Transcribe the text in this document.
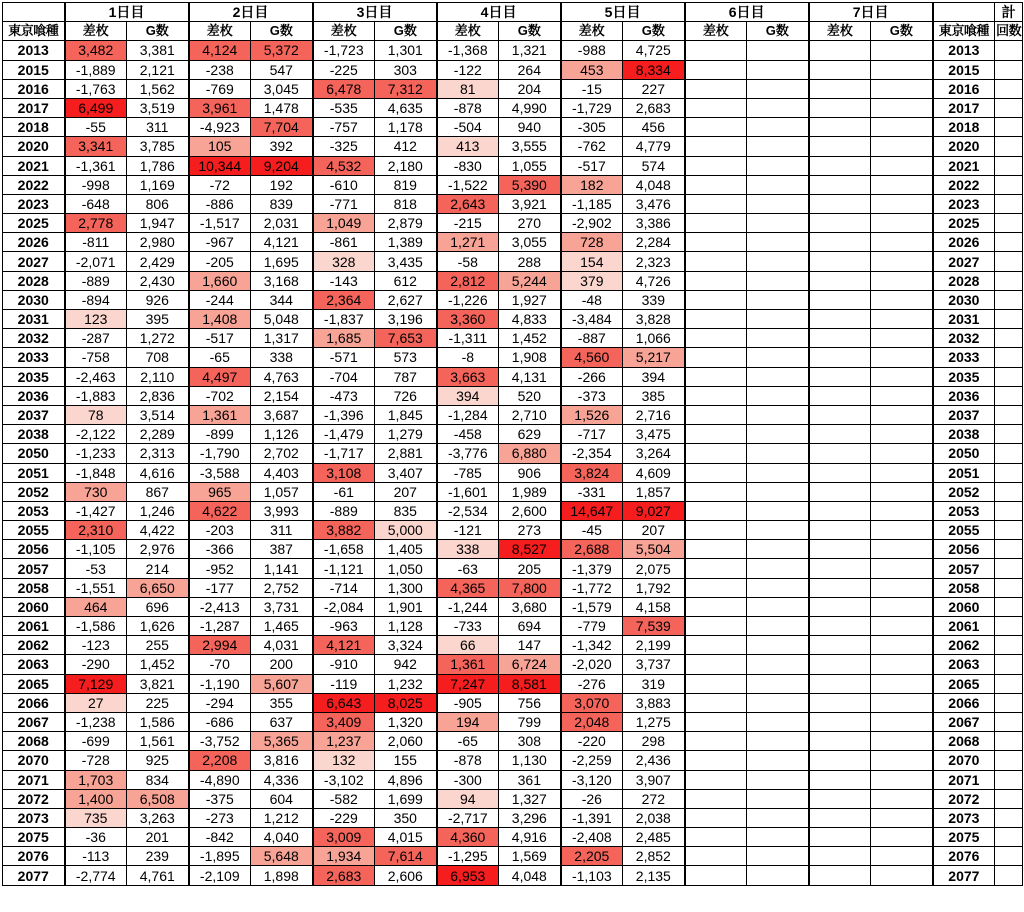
	1日目		2日目		3日目		4日目		5日目		6日目		7日目			計
東京喰種	差枚	G数	差枚	G数	差枚	G数	差枚	G数	差枚	G数	差枚	G数	差枚	G数	東京喰種	回数
2013	3,482	3,381	4,124	5,372	-1,723	1,301	-1,368	1,321	-988	4,725					2013	
2015	-1,889	2,121	-238	547	-225	303	-122	264	453	8,334					2015	
2016	-1,763	1,562	-769	3,045	6,478	7,312	81	204	-15	227					2016	
2017	6,499	3,519	3,961	1,478	-535	4,635	-878	4,990	-1,729	2,683					2017	
2018	-55	311	-4,923	7,704	-757	1,178	-504	940	-305	456					2018	
2020	3,341	3,785	105	392	-325	412	413	3,555	-762	4,779					2020	
2021	-1,361	1,786	10,344	9,204	4,532	2,180	-830	1,055	-517	574					2021	
2022	-998	1,169	-72	192	-610	819	-1,522	5,390	182	4,048					2022	
2023	-648	806	-886	839	-771	818	2,643	3,921	-1,185	3,476					2023	
2025	2,778	1,947	-1,517	2,031	1,049	2,879	-215	270	-2,902	3,386					2025	
2026	-811	2,980	-967	4,121	-861	1,389	1,271	3,055	728	2,284					2026	
2027	-2,071	2,429	-205	1,695	328	3,435	-58	288	154	2,323					2027	
2028	-889	2,430	1,660	3,168	-143	612	2,812	5,244	379	4,726					2028	
2030	-894	926	-244	344	2,364	2,627	-1,226	1,927	-48	339					2030	
2031	123	395	1,408	5,048	-1,837	3,196	3,360	4,833	-3,484	3,828					2031	
2032	-287	1,272	-517	1,317	1,685	7,653	-1,311	1,452	-887	1,066					2032	
2033	-758	708	-65	338	-571	573	-8	1,908	4,560	5,217					2033	
2035	-2,463	2,110	4,497	4,763	-704	787	3,663	4,131	-266	394					2035	
2036	-1,883	2,836	-702	2,154	-473	726	394	520	-373	385					2036	
2037	78	3,514	1,361	3,687	-1,396	1,845	-1,284	2,710	1,526	2,716					2037	
2038	-2,122	2,289	-899	1,126	-1,479	1,279	-458	629	-717	3,475					2038	
2050	-1,233	2,313	-1,790	2,702	-1,717	2,881	-3,776	6,880	-2,354	3,264					2050	
2051	-1,848	4,616	-3,588	4,403	3,108	3,407	-785	906	3,824	4,609					2051	
2052	730	867	965	1,057	-61	207	-1,601	1,989	-331	1,857					2052	
2053	-1,427	1,246	4,622	3,993	-889	835	-2,534	2,600	14,647	9,027					2053	
2055	2,310	4,422	-203	311	3,882	5,000	-121	273	-45	207					2055	
2056	-1,105	2,976	-366	387	-1,658	1,405	338	8,527	2,688	5,504					2056	
2057	-53	214	-952	1,141	-1,121	1,050	-63	205	-1,379	2,075					2057	
2058	-1,551	6,650	-177	2,752	-714	1,300	4,365	7,800	-1,772	1,792					2058	
2060	464	696	-2,413	3,731	-2,084	1,901	-1,244	3,680	-1,579	4,158					2060	
2061	-1,586	1,626	-1,287	1,465	-963	1,128	-733	694	-779	7,539					2061	
2062	-123	255	2,994	4,031	4,121	3,324	66	147	-1,342	2,199					2062	
2063	-290	1,452	-70	200	-910	942	1,361	6,724	-2,020	3,737					2063	
2065	7,129	3,821	-1,190	5,607	-119	1,232	7,247	8,581	-276	319					2065	
2066	27	225	-294	355	6,643	8,025	-905	756	3,070	3,883					2066	
2067	-1,238	1,586	-686	637	3,409	1,320	194	799	2,048	1,275					2067	
2068	-699	1,561	-3,752	5,365	1,237	2,060	-65	308	-220	298					2068	
2070	-728	925	2,208	3,816	132	155	-878	1,130	-2,259	2,436					2070	
2071	1,703	834	-4,890	4,336	-3,102	4,896	-300	361	-3,120	3,907					2071	
2072	1,400	6,508	-375	604	-582	1,699	94	1,327	-26	272					2072	
2073	735	3,263	-273	1,212	-229	350	-2,717	3,296	-1,391	2,038					2073	
2075	-36	201	-842	4,040	3,009	4,015	4,360	4,916	-2,408	2,485					2075	
2076	-113	239	-1,895	5,648	1,934	7,614	-1,295	1,569	2,205	2,852					2076	
2077	-2,774	4,761	-2,109	1,898	2,683	2,606	6,953	4,048	-1,103	2,135					2077	
